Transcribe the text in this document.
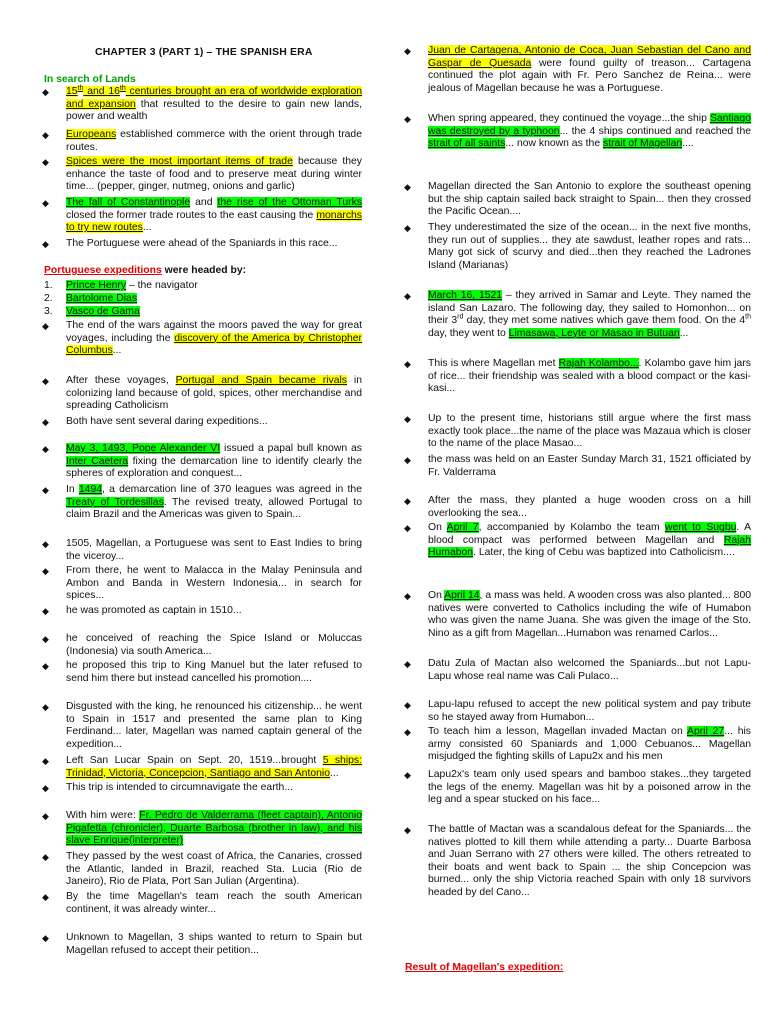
CHAPTER 3 (PART 1) – THE SPANISH ERA
In search of Lands
Portuguese expeditions were headed by:
◆ 15th and 16th centuries brought an era of worldwide exploration and expansion that resulted to the desire to gain new lands, power and wealth
◆ Europeans established commerce with the orient through trade routes.
◆ Spices were the most important items of trade because they enhance the taste of food and to preserve meat during winter time... (pepper, ginger, nutmeg, onions and garlic)
◆ The fall of Constantinople and the rise of the Ottoman Turks closed the former trade routes to the east causing the monarchs to try new routes...
◆ The Portuguese were ahead of the Spaniards in this race...
1. Prince Henry – the navigator
2. Bartolome Dias
3. Vasco de Gama
◆ The end of the wars against the moors paved the way for great voyages, including the discovery of the America by Christopher Columbus...
◆ After these voyages, Portugal and Spain became rivals in colonizing land because of gold, spices, other merchandise and spreading Catholicism
◆ Both have sent several daring expeditions...
◆ May 3, 1493, Pope Alexander VI issued a papal bull known as Inter Caetera fixing the demarcation line to identify clearly the spheres of exploration and conquest...
◆ In 1494, a demarcation line of 370 leagues was agreed in the Treaty of Tordesillas. The revised treaty, allowed Portugal to claim Brazil and the Americas was given to Spain...
◆ 1505, Magellan, a Portuguese was sent to East Indies to bring the viceroy...
◆ From there, he went to Malacca in the Malay Peninsula and Ambon and Banda in Western Indonesia... in search for spices...
◆ he was promoted as captain in 1510...
◆ he conceived of reaching the Spice Island or Moluccas (Indonesia) via south America...
◆ he proposed this trip to King Manuel but the later refused to send him there but instead cancelled his promotion....
◆ Disgusted with the king, he renounced his citizenship... he went to Spain in 1517 and presented the same plan to King Ferdinand... later, Magellan was named captain general of the expedition...
◆ Left San Lucar Spain on Sept. 20, 1519...brought 5 ships: Trinidad, Victoria, Concepcion, Santiago and San Antonio...
◆ This trip is intended to circumnavigate the earth...
◆ With him were: Fr. Pedro de Valderrama (fleet captain), Antonio Pigafetta (chronicler), Duarte Barbosa (brother in law), and his slave Enrique(interpreter)
◆ They passed by the west coast of Africa, the Canaries, crossed the Atlantic, landed in Brazil, reached Sta. Lucia (Rio de Janeiro), Rio de Plata, Port San Julian (Argentina).
◆ By the time Magellan's team reach the south American continent, it was already winter...
◆ Unknown to Magellan, 3 ships wanted to return to Spain but Magellan refused to accept their petition...
◆ Juan de Cartagena, Antonio de Coca, Juan Sebastian del Cano and Gaspar de Quesada were found guilty of treason... Cartagena continued the plot again with Fr. Pero Sanchez de Reina... were jealous of Magellan because he was a Portuguese.
◆ When spring appeared, they continued the voyage...the ship Santiago was destroyed by a typhoon... the 4 ships continued and reached the strait of all saints... now known as the strait of Magellan....
◆ Magellan directed the San Antonio to explore the southeast opening but the ship captain sailed back straight to Spain... then they crossed the Pacific Ocean....
◆ They underestimated the size of the ocean... in the next five months, they run out of supplies... they ate sawdust, leather ropes and rats... Many got sick of scurvy and died...then they reached the Ladrones Island (Marianas)
◆ March 16, 1521 – they arrived in Samar and Leyte. They named the island San Lazaro. The following day, they sailed to Homonhon... on their 3rd day, they met some natives which gave them food. On the 4th day, they went to Limasawa, Leyte or Masao in Butuan...
◆ This is where Magellan met Rajah Kolambo.... Kolambo gave him jars of rice... their friendship was sealed with a blood compact or the kasi-kasi...
◆ Up to the present time, historians still argue where the first mass exactly took place...the name of the place was Mazaua which is closer to the name of the place Masao...
◆ the mass was held on an Easter Sunday March 31, 1521 officiated by Fr. Valderrama
◆ After the mass, they planted a huge wooden cross on a hill overlooking the sea...
◆ On April 7, accompanied by Kolambo the team went to Sugbu. A blood compact was performed between Magellan and Rajah Humabon. Later, the king of Cebu was baptized into Catholicism....
◆ On April 14, a mass was held. A wooden cross was also planted... 800 natives were converted to Catholics including the wife of Humabon who was given the name Juana. She was given the image of the Sto. Nino as a gift from Magellan...Humabon was renamed Carlos...
◆ Datu Zula of Mactan also welcomed the Spaniards...but not Lapu-Lapu whose real name was Cali Pulaco...
◆ Lapu-lapu refused to accept the new political system and pay tribute so he stayed away from Humabon...
◆ To teach him a lesson, Magellan invaded Mactan on April 27... his army consisted 60 Spaniards and 1,000 Cebuanos... Magellan misjudged the fighting skills of Lapu2x and his men
◆ Lapu2x's team only used spears and bamboo stakes...they targeted the legs of the enemy. Magellan was hit by a poisoned arrow in the leg and a spear stucked on his face...
◆ The battle of Mactan was a scandalous defeat for the Spaniards... the natives plotted to kill them while attending a party... Duarte Barbosa and Juan Serrano with 27 others were killed. The others retreated to their boats and went back to Spain ... the ship Concepcion was burned... only the ship Victoria reached Spain with only 18 survivors headed by del Cano...
Result of Magellan's expedition:
